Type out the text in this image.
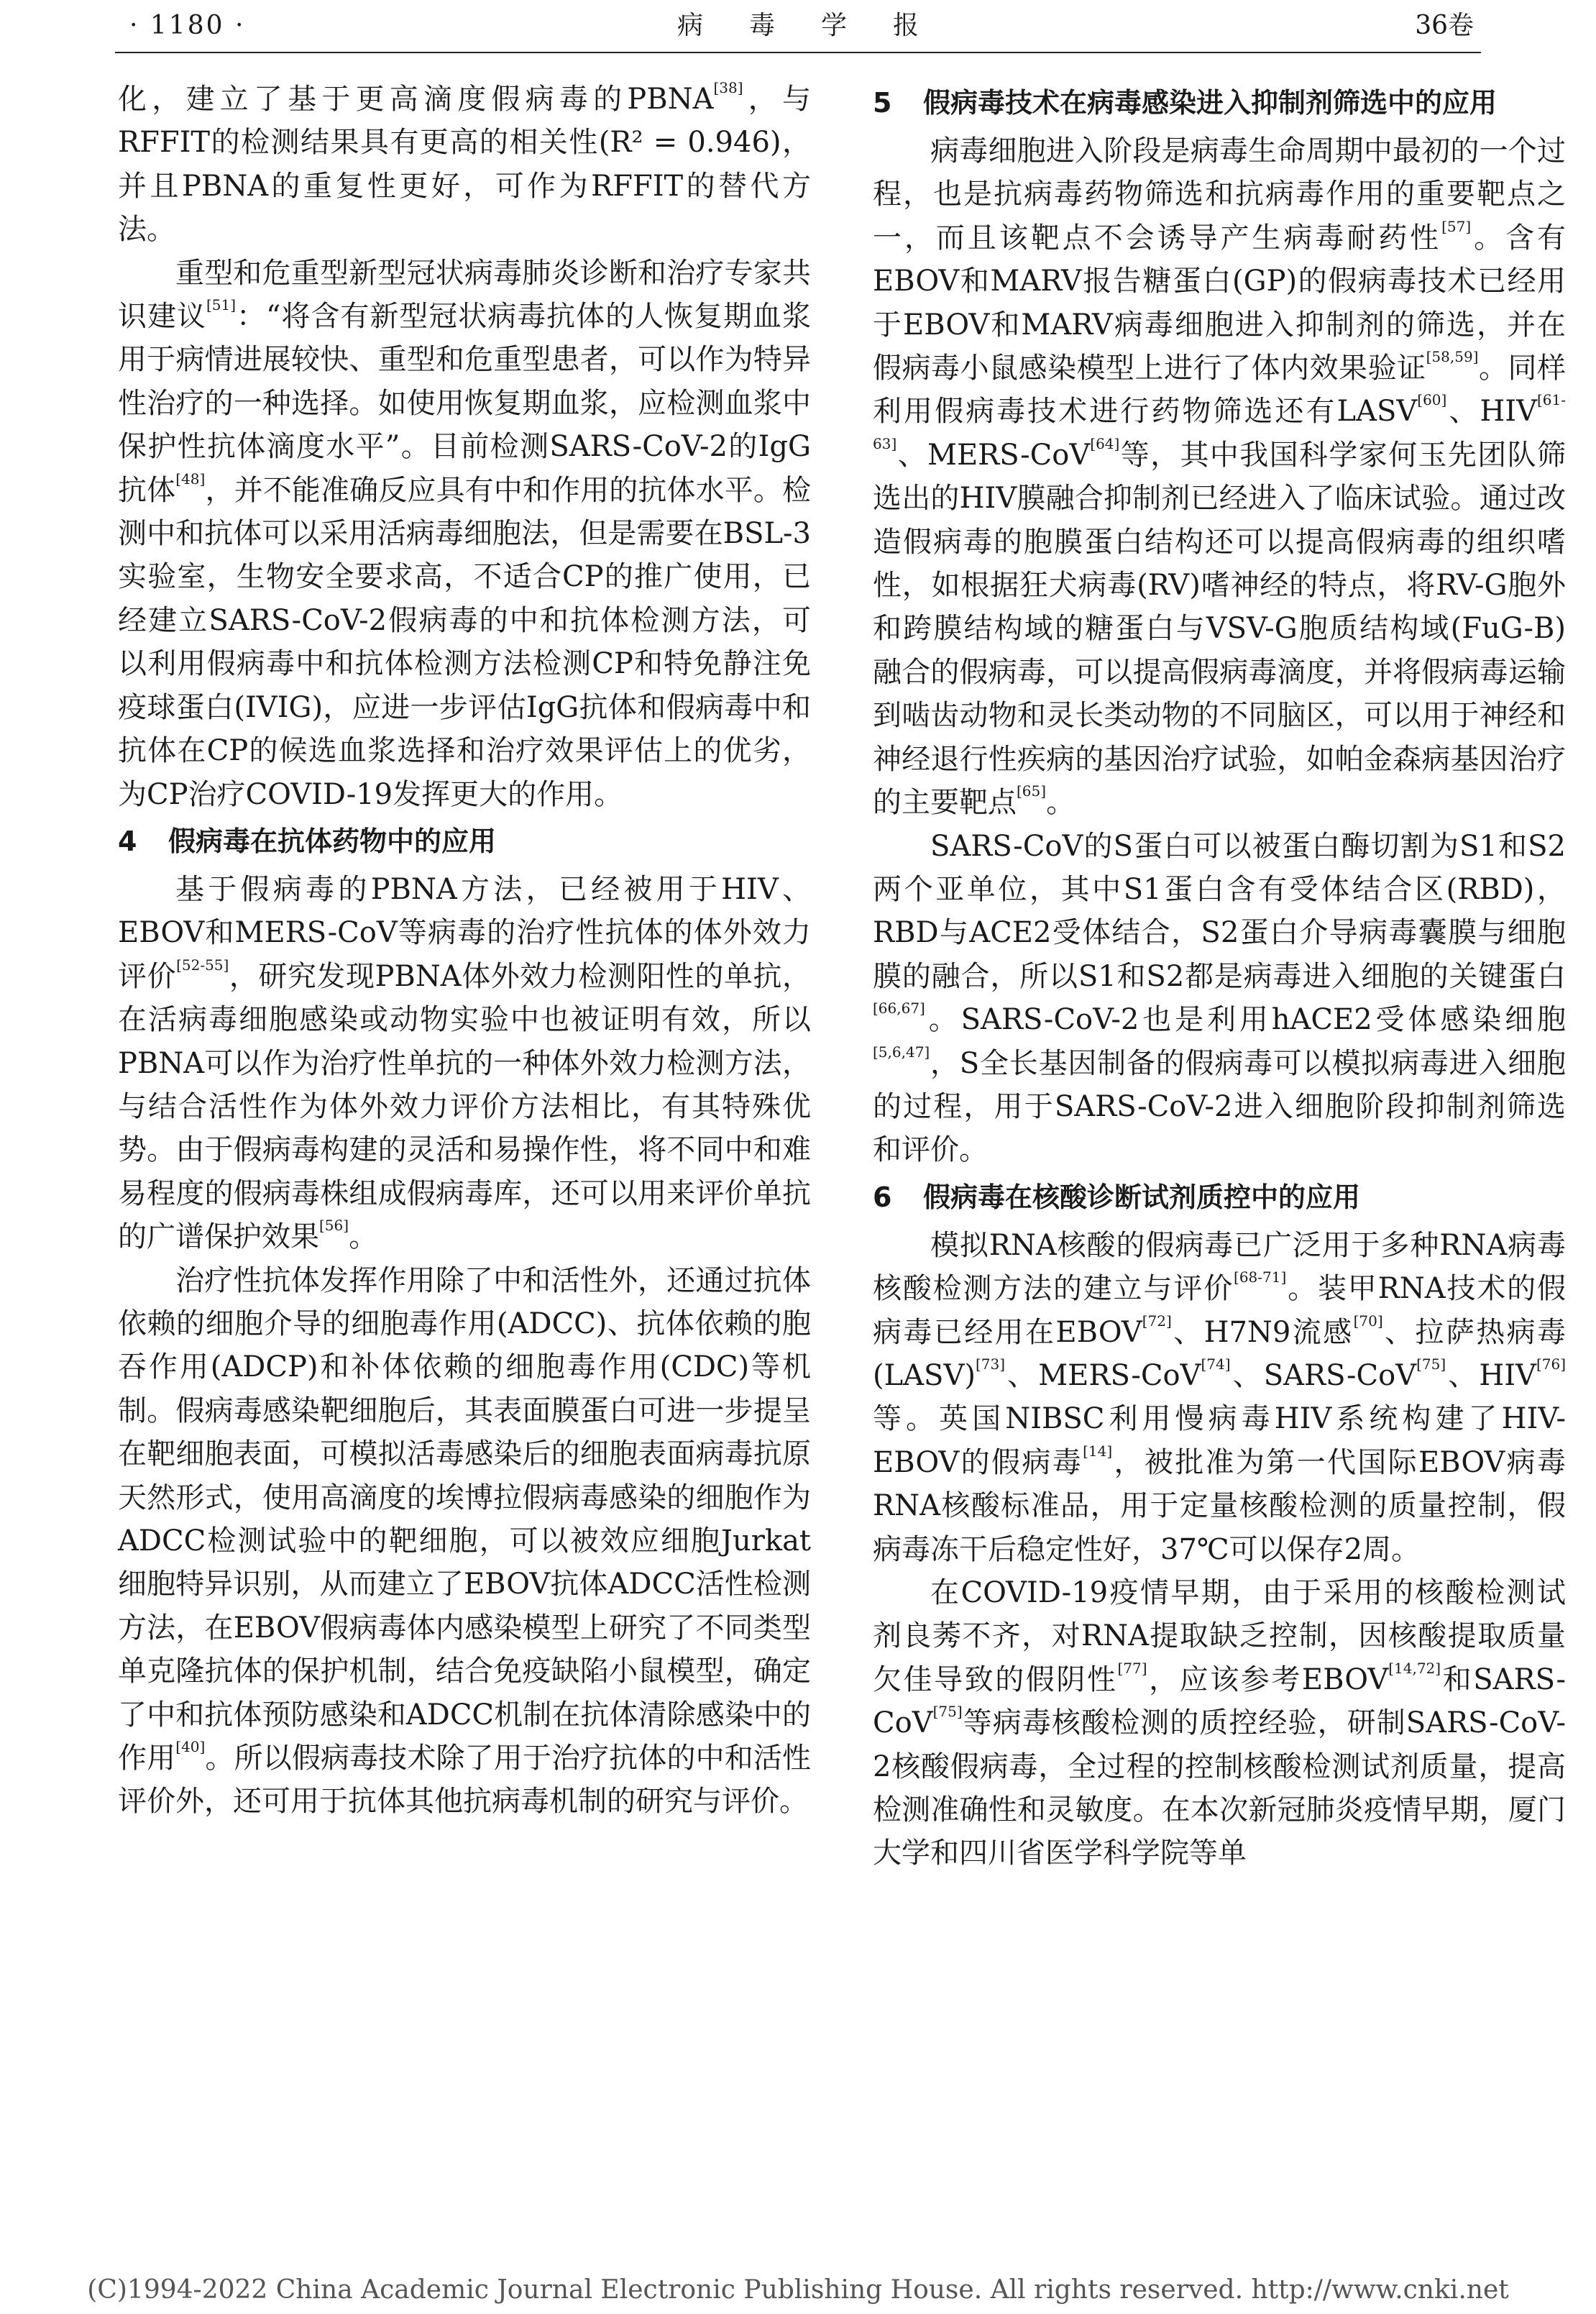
· 1180 ·	病毒学报	36卷

化，建立了基于更高滴度假病毒的PBNA[38]，与RFFIT的检测结果具有更高的相关性(R² = 0.946)，并且PBNA的重复性更好，可作为RFFIT的替代方法。

重型和危重型新型冠状病毒肺炎诊断和治疗专家共识建议[51]：“将含有新型冠状病毒抗体的人恢复期血浆用于病情进展较快、重型和危重型患者，可以作为特异性治疗的一种选择。如使用恢复期血浆，应检测血浆中保护性抗体滴度水平”。目前检测SARS-CoV-2的IgG抗体[48]，并不能准确反应具有中和作用的抗体水平。检测中和抗体可以采用活病毒细胞法，但是需要在BSL-3实验室，生物安全要求高，不适合CP的推广使用，已经建立SARS-CoV-2假病毒的中和抗体检测方法，可以利用假病毒中和抗体检测方法检测CP和特免静注免疫球蛋白(IVIG)，应进一步评估IgG抗体和假病毒中和抗体在CP的候选血浆选择和治疗效果评估上的优劣，为CP治疗COVID-19发挥更大的作用。

4 假病毒在抗体药物中的应用

基于假病毒的PBNA方法，已经被用于HIV、EBOV和MERS-CoV等病毒的治疗性抗体的体外效力评价[52-55]，研究发现PBNA体外效力检测阳性的单抗，在活病毒细胞感染或动物实验中也被证明有效，所以PBNA可以作为治疗性单抗的一种体外效力检测方法，与结合活性作为体外效力评价方法相比，有其特殊优势。由于假病毒构建的灵活和易操作性，将不同中和难易程度的假病毒株组成假病毒库，还可以用来评价单抗的广谱保护效果[56]。

治疗性抗体发挥作用除了中和活性外，还通过抗体依赖的细胞介导的细胞毒作用(ADCC)、抗体依赖的胞吞作用(ADCP)和补体依赖的细胞毒作用(CDC)等机制。假病毒感染靶细胞后，其表面膜蛋白可进一步提呈在靶细胞表面，可模拟活毒感染后的细胞表面病毒抗原天然形式，使用高滴度的埃博拉假病毒感染的细胞作为ADCC检测试验中的靶细胞，可以被效应细胞Jurkat细胞特异识别，从而建立了EBOV抗体ADCC活性检测方法，在EBOV假病毒体内感染模型上研究了不同类型单克隆抗体的保护机制，结合免疫缺陷小鼠模型，确定了中和抗体预防感染和ADCC机制在抗体清除感染中的作用[40]。所以假病毒技术除了用于治疗抗体的中和活性评价外，还可用于抗体其他抗病毒机制的研究与评价。

5 假病毒技术在病毒感染进入抑制剂筛选中的应用

病毒细胞进入阶段是病毒生命周期中最初的一个过程，也是抗病毒药物筛选和抗病毒作用的重要靶点之一，而且该靶点不会诱导产生病毒耐药性[57]。含有EBOV和MARV报告糖蛋白(GP)的假病毒技术已经用于EBOV和MARV病毒细胞进入抑制剂的筛选，并在假病毒小鼠感染模型上进行了体内效果验证[58,59]。同样利用假病毒技术进行药物筛选还有LASV[60]、HIV[61-63]、MERS-CoV[64]等，其中我国科学家何玉先团队筛选出的HIV膜融合抑制剂已经进入了临床试验。通过改造假病毒的胞膜蛋白结构还可以提高假病毒的组织嗜性，如根据狂犬病毒(RV)嗜神经的特点，将RV-G胞外和跨膜结构域的糖蛋白与VSV-G胞质结构域(FuG-B)融合的假病毒，可以提高假病毒滴度，并将假病毒运输到啮齿动物和灵长类动物的不同脑区，可以用于神经和神经退行性疾病的基因治疗试验，如帕金森病基因治疗的主要靶点[65]。

SARS-CoV的S蛋白可以被蛋白酶切割为S1和S2两个亚单位，其中S1蛋白含有受体结合区(RBD)，RBD与ACE2受体结合，S2蛋白介导病毒囊膜与细胞膜的融合，所以S1和S2都是病毒进入细胞的关键蛋白[66,67]。SARS-CoV-2也是利用hACE2受体感染细胞[5,6,47]，S全长基因制备的假病毒可以模拟病毒进入细胞的过程，用于SARS-CoV-2进入细胞阶段抑制剂筛选和评价。

6 假病毒在核酸诊断试剂质控中的应用

模拟RNA核酸的假病毒已广泛用于多种RNA病毒核酸检测方法的建立与评价[68-71]。装甲RNA技术的假病毒已经用在EBOV[72]、H7N9流感[70]、拉萨热病毒(LASV)[73]、MERS-CoV[74]、SARS-CoV[75]、HIV[76]等。英国NIBSC利用慢病毒HIV系统构建了HIV-EBOV的假病毒[14]，被批准为第一代国际EBOV病毒RNA核酸标准品，用于定量核酸检测的质量控制，假病毒冻干后稳定性好，37℃可以保存2周。

在COVID-19疫情早期，由于采用的核酸检测试剂良莠不齐，对RNA提取缺乏控制，因核酸提取质量欠佳导致的假阴性[77]，应该参考EBOV[14,72]和SARS-CoV[75]等病毒核酸检测的质控经验，研制SARS-CoV-2核酸假病毒，全过程的控制核酸检测试剂质量，提高检测准确性和灵敏度。在本次新冠肺炎疫情早期，厦门大学和四川省医学科学院等单

(C)1994-2022 China Academic Journal Electronic Publishing House. All rights reserved. http://www.cnki.net
